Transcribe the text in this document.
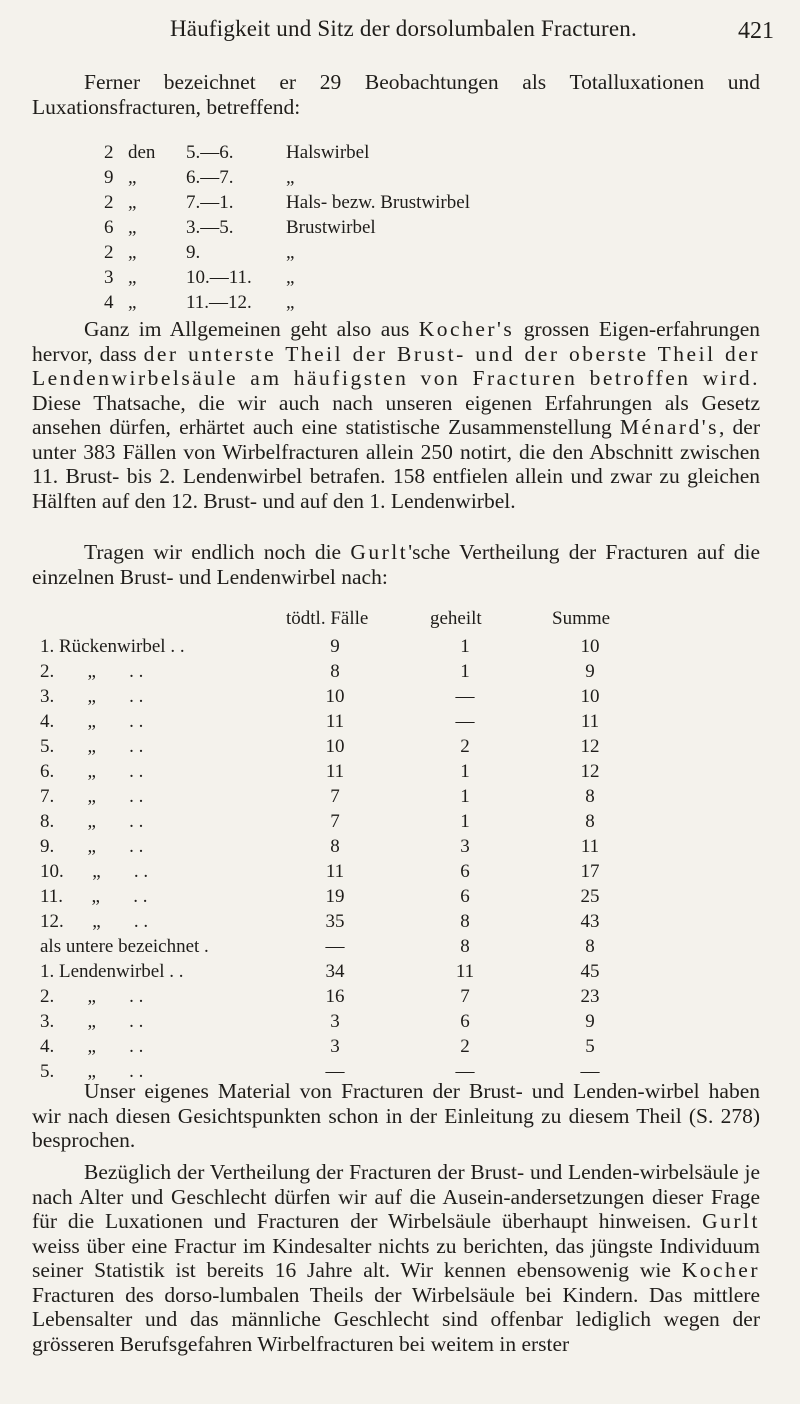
Häufigkeit und Sitz der dorsolumbalen Fracturen.	421

Ferner bezeichnet er 29 Beobachtungen als Totalluxationen und Luxationsfracturen, betreffend:

2 den	5.—6.	Halswirbel
9 „	6.—7.	„
2 „	7.—1.	Hals- bezw. Brustwirbel
6 „	3.—5.	Brustwirbel
2 „	9.	„
3 „	10.—11.	„
4 „	11.—12.	„

Ganz im Allgemeinen geht also aus Kocher's grossen Eigen-erfahrungen hervor, dass der unterste Theil der Brust- und der oberste Theil der Lendenwirbelsäule am häufigsten von Fracturen betroffen wird. Diese Thatsache, die wir auch nach unseren eigenen Erfahrungen als Gesetz ansehen dürfen, erhärtet auch eine statistische Zusammenstellung Ménard's, der unter 383 Fällen von Wirbelfracturen allein 250 notirt, die den Abschnitt zwischen 11. Brust- bis 2. Lendenwirbel betrafen. 158 entfielen allein und zwar zu gleichen Hälften auf den 12. Brust- und auf den 1. Lendenwirbel.

Tragen wir endlich noch die Gurlt'sche Vertheilung der Fracturen auf die einzelnen Brust- und Lendenwirbel nach:

tödtl. Fälle	geheilt	Summe
1. Rückenwirbel . .	9	1	10
2.       „       . .	8	1	9
3.       „       . .	10	—	10
4.       „       . .	11	—	11
5.       „       . .	10	2	12
6.       „       . .	11	1	12
7.       „       . .	7	1	8
8.       „       . .	7	1	8
9.       „       . .	8	3	11
10.      „       . .	11	6	17
11.      „       . .	19	6	25
12.      „       . .	35	8	43
als untere bezeichnet .	—	8	8
1. Lendenwirbel . .	34	11	45
2.       „       . .	16	7	23
3.       „       . .	3	6	9
4.       „       . .	3	2	5
5.       „       . .	—	—	—

Unser eigenes Material von Fracturen der Brust- und Lenden-wirbel haben wir nach diesen Gesichtspunkten schon in der Einleitung zu diesem Theil (S. 278) besprochen.

Bezüglich der Vertheilung der Fracturen der Brust- und Lenden-wirbelsäule je nach Alter und Geschlecht dürfen wir auf die Ausein-andersetzungen dieser Frage für die Luxationen und Fracturen der Wirbelsäule überhaupt hinweisen. Gurlt weiss über eine Fractur im Kindesalter nichts zu berichten, das jüngste Individuum seiner Statistik ist bereits 16 Jahre alt. Wir kennen ebensowenig wie Kocher Fracturen des dorso-lumbalen Theils der Wirbelsäule bei Kindern. Das mittlere Lebensalter und das männliche Geschlecht sind offenbar lediglich wegen der grösseren Berufsgefahren Wirbelfracturen bei weitem in erster
